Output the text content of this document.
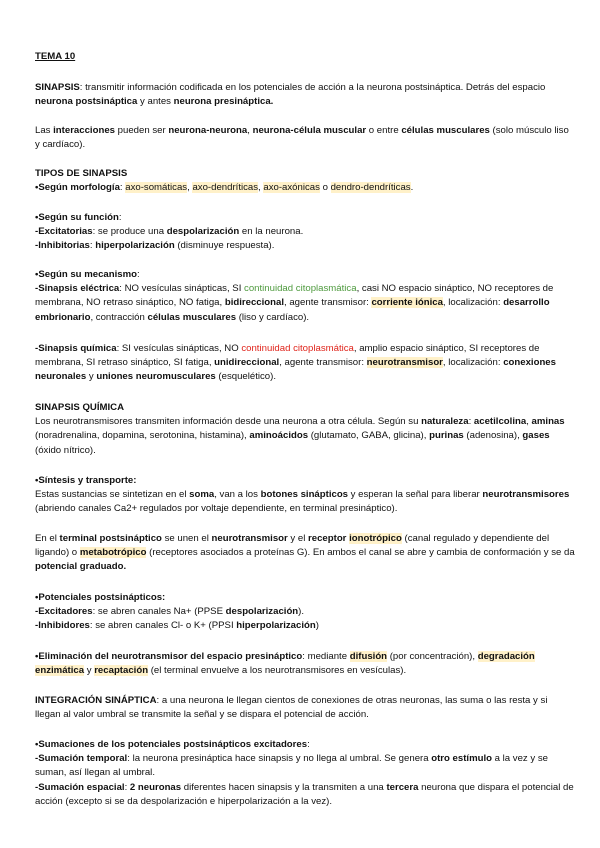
TEMA 10

SINAPSIS: transmitir información codificada en los potenciales de acción a la neurona postsináptica. Detrás del espacio neurona postsináptica y antes neurona presináptica.

Las interacciones pueden ser neurona-neurona, neurona-célula muscular o entre células musculares (solo músculo liso y cardíaco).

TIPOS DE SINAPSIS
•Según morfología: axo-somáticas, axo-dendríticas, axo-axónicas o dendro-dendríticas.

•Según su función:
-Excitatorias: se produce una despolarización en la neurona.
-Inhibitorias: hiperpolarización (disminuye respuesta).

•Según su mecanismo:
-Sinapsis eléctrica: NO vesículas sinápticas, SI continuidad citoplasmática, casi NO espacio sináptico, NO receptores de membrana, NO retraso sináptico, NO fatiga, bidireccional, agente transmisor: corriente iónica, localización: desarrollo embrionario, contracción células musculares (liso y cardíaco).

-Sinapsis química: SI vesículas sinápticas, NO continuidad citoplasmática, amplio espacio sináptico, SI receptores de membrana, SI retraso sináptico, SI fatiga, unidireccional, agente transmisor: neurotransmisor, localización: conexiones neuronales y uniones neuromusculares (esquelético).

SINAPSIS QUÍMICA
Los neurotransmisores transmiten información desde una neurona a otra célula. Según su naturaleza: acetilcolina, aminas (noradrenalina, dopamina, serotonina, histamina), aminoácidos (glutamato, GABA, glicina), purinas (adenosina), gases (óxido nítrico).

•Síntesis y transporte:
Estas sustancias se sintetizan en el soma, van a los botones sinápticos y esperan la señal para liberar neurotransmisores (abriendo canales Ca2+ regulados por voltaje dependiente, en terminal presináptico).

En el terminal postsináptico se unen el neurotransmisor y el receptor ionotrópico (canal regulado y dependiente del ligando) o metabotrópico (receptores asociados a proteínas G). En ambos el canal se abre y cambia de conformación y se da potencial graduado.

•Potenciales postsinápticos:
-Excitadores: se abren canales Na+ (PPSE despolarización).
-Inhibidores: se abren canales Cl- o K+ (PPSI hiperpolarización)

•Eliminación del neurotransmisor del espacio presináptico: mediante difusión (por concentración), degradación enzimática y recaptación (el terminal envuelve a los neurotransmisores en vesículas).

INTEGRACIÓN SINÁPTICA: a una neurona le llegan cientos de conexiones de otras neuronas, las suma o las resta y si llegan al valor umbral se transmite la señal y se dispara el potencial de acción.

•Sumaciones de los potenciales postsinápticos excitadores:
-Sumación temporal: la neurona presináptica hace sinapsis y no llega al umbral. Se genera otro estímulo a la vez y se suman, así llegan al umbral.
-Sumación espacial: 2 neuronas diferentes hacen sinapsis y la transmiten a una tercera neurona que dispara el potencial de acción (excepto si se da despolarización e hiperpolarización a la vez).
